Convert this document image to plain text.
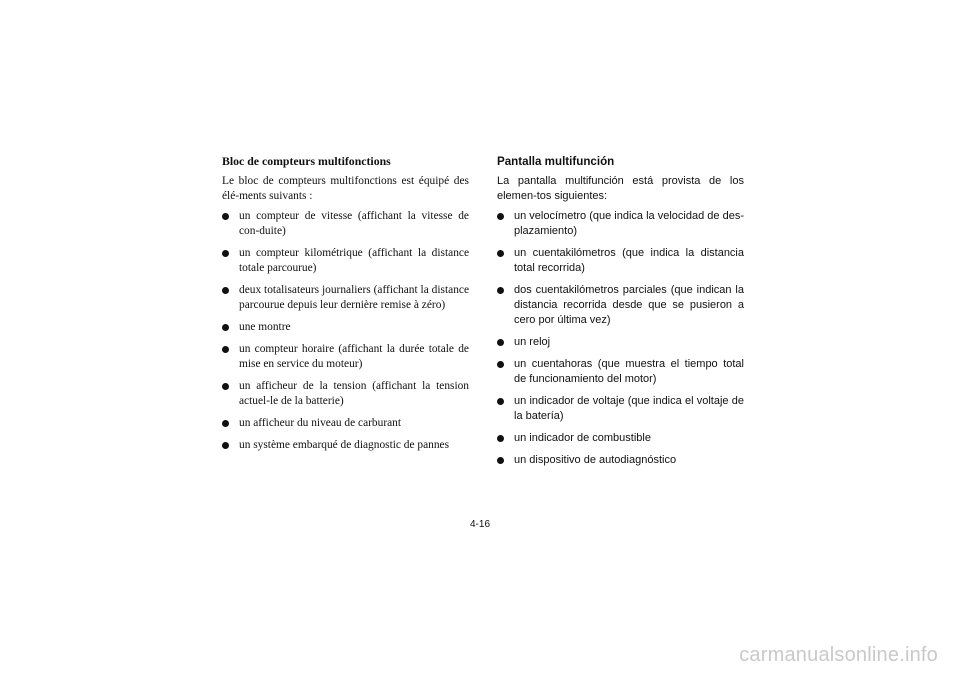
Bloc de compteurs multifonctions
Le bloc de compteurs multifonctions est équipé des élé-ments suivants :
un compteur de vitesse (affichant la vitesse de con-duite)
un compteur kilométrique (affichant la distance totale parcourue)
deux totalisateurs journaliers (affichant la distance parcourue depuis leur dernière remise à zéro)
une montre
un compteur horaire (affichant la durée totale de mise en service du moteur)
un afficheur de la tension (affichant la tension actuel-le de la batterie)
un afficheur du niveau de carburant
un système embarqué de diagnostic de pannes
Pantalla multifunción
La pantalla multifunción está provista de los elemen-tos siguientes:
un velocímetro (que indica la velocidad de des-plazamiento)
un cuentakilómetros (que indica la distancia total recorrida)
dos cuentakilómetros parciales (que indican la distancia recorrida desde que se pusieron a cero por última vez)
un reloj
un cuentahoras (que muestra el tiempo total de funcionamiento del motor)
un indicador de voltaje (que indica el voltaje de la batería)
un indicador de combustible
un dispositivo de autodiagnóstico
4-16
carmanualsonline.info
